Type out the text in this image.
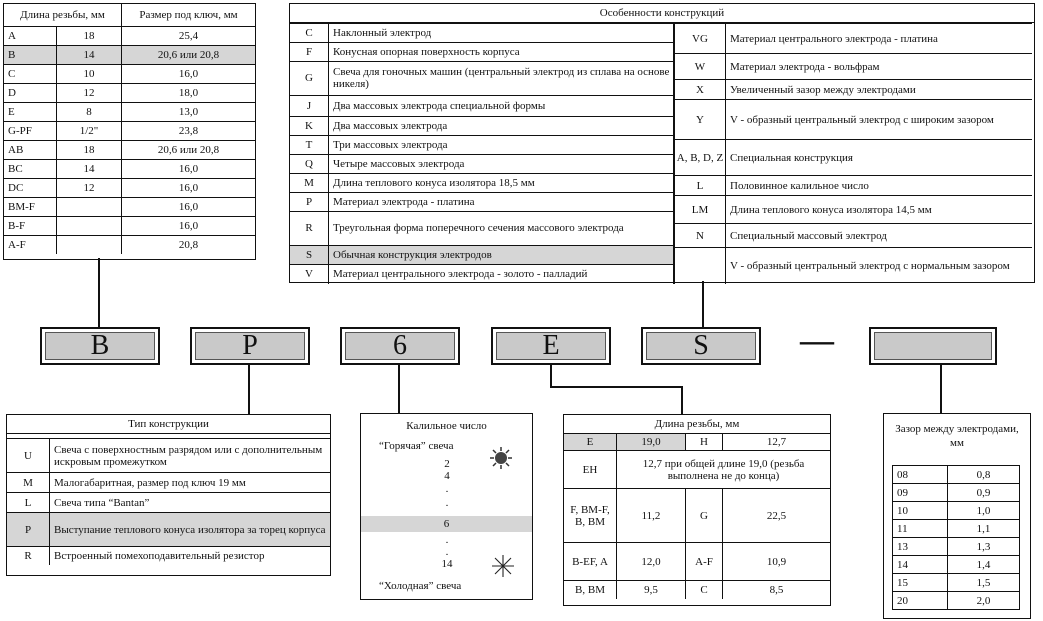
Длина резьбы, мм		Размер под ключ, мм
A	18	25,4
B	14	20,6 или 20,8
C	10	16,0
D	12	18,0
E	8	13,0
G-PF	1/2"	23,8
AB	18	20,6 или 20,8
BC	14	16,0
DC	12	16,0
BM-F		16,0
B-F		16,0
A-F		20,8
Особенности конструкций
C	Наклонный электрод
F	Конусная опорная поверхность корпуса
G	Свеча для гоночных машин (центральный электрод из сплава на основе никеля)
J	Два массовых электрода специальной формы
K	Два массовых электрода
T	Три массовых электрода
Q	Четыре массовых электрода
M	Длина теплового конуса изолятора 18,5 мм
P	Материал электрода - платина
R	Треугольная форма поперечного сечения массового электрода
S	Обычная конструкция электродов
V	Материал центрального электрода - золото - палладий
VG	Материал центрального электрода - платина
W	Материал электрода - вольфрам
X	Увеличенный зазор между электродами
Y	V - образный центральный электрод с широким зазором
A, B, D, Z	Специальная конструкция
L	Половинное калильное число
LM	Длина теплового конуса изолятора 14,5 мм
N	Специальный массовый электрод
	V - образный центральный электрод с нормальным зазором
B	P	6	E	S	—
Тип конструкции
U	Свеча с поверхностным разрядом или с дополнительным искровым промежутком
M	Малогабаритная, размер под ключ 19 мм
L	Свеча типа “Bantan”
P	Выступание теплового конуса изолятора за торец корпуса
R	Встроенный помехоподавительный резистор
Калильное число
“Горячая” свеча
2
4
.
.
6
.
.
14
“Холодная” свеча
Длина резьбы, мм
E	19,0	H	12,7
EH	12,7 при общей длине 19,0 (резьба выполнена не до конца)		
F, BM-F, B, BM	11,2	G	22,5
B-EF, A	12,0	A-F	10,9
B, BM	9,5	C	8,5
Зазор между электродами, мм
08	0,8
09	0,9
10	1,0
11	1,1
13	1,3
14	1,4
15	1,5
20	2,0
